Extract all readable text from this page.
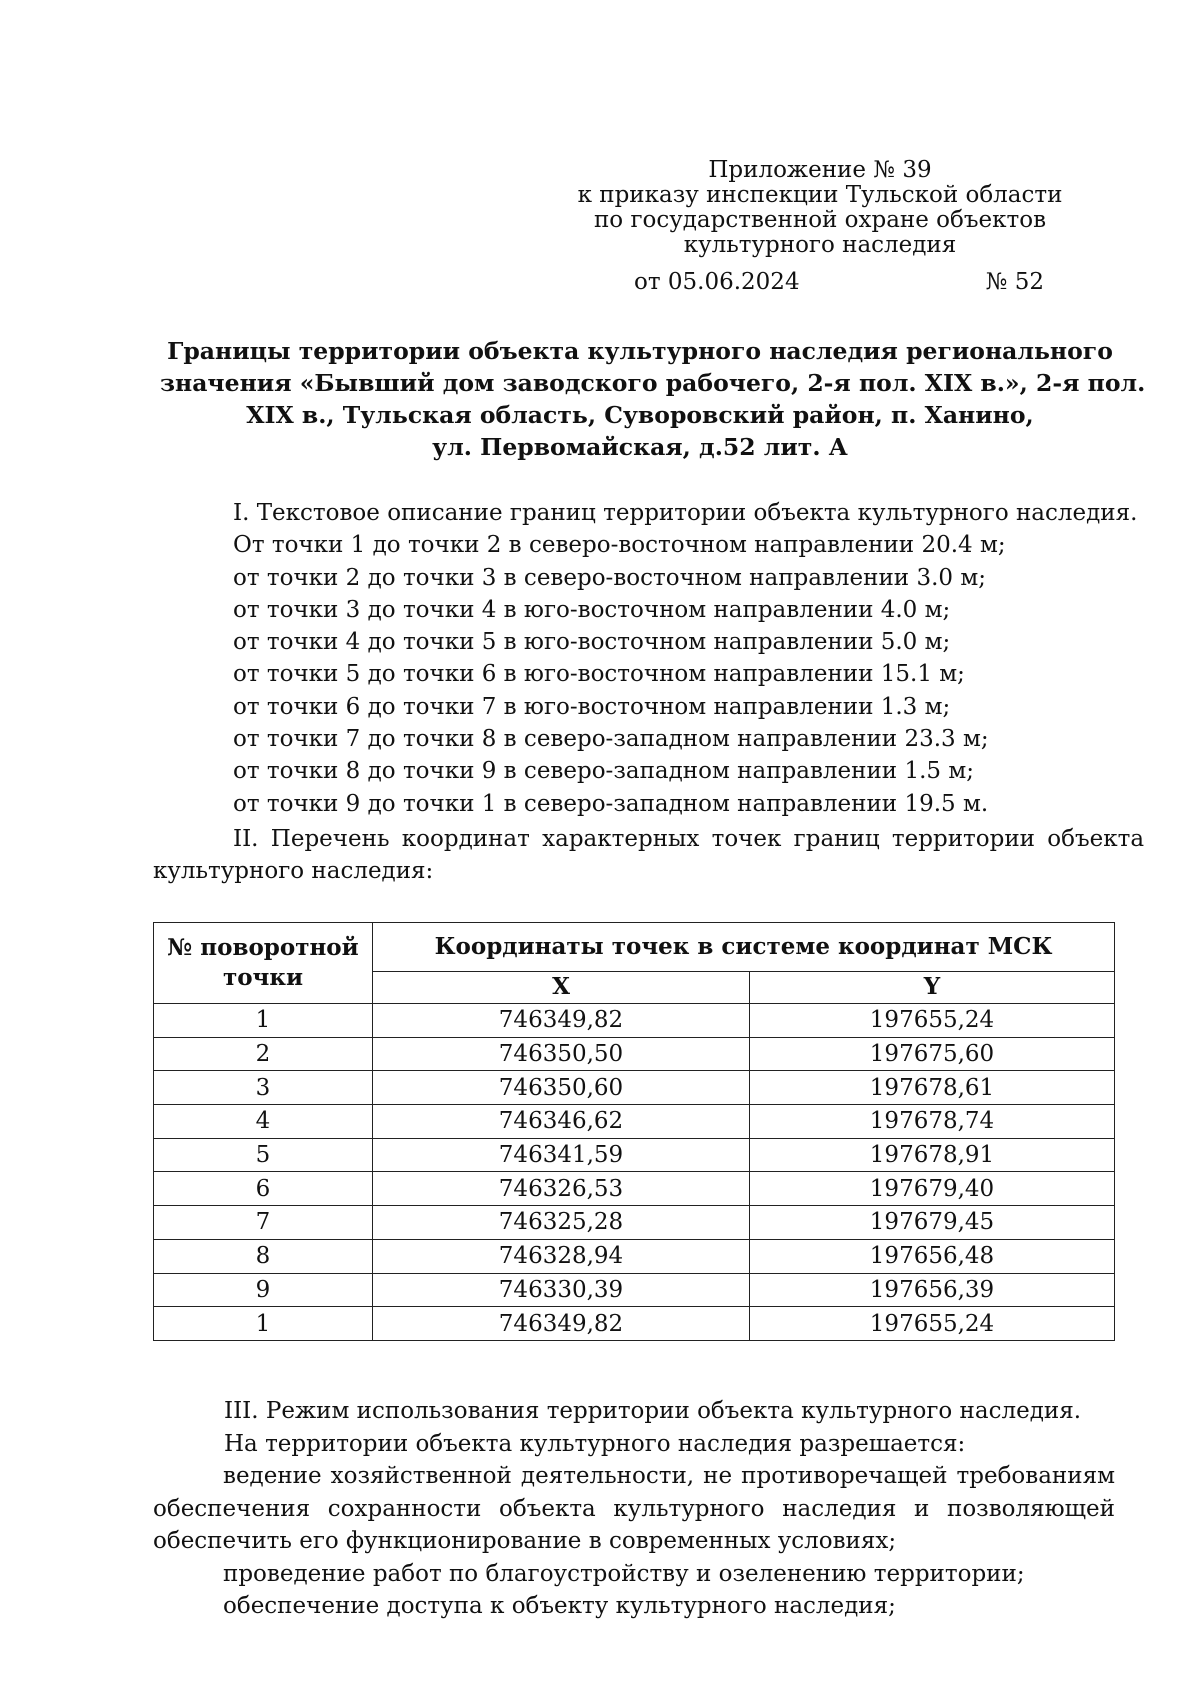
Приложение № 39
к приказу инспекции Тульской области
по государственной охране объектов
культурного наследия
от 05.06.2024	№ 52
Границы территории объекта культурного наследия регионального
значения «Бывший дом заводского рабочего, 2-я пол. XIX в.», 2-я пол.
XIX в., Тульская область, Суворовский район, п. Ханино,
ул. Первомайская, д.52 лит. А
I. Текстовое описание границ территории объекта культурного наследия.
От точки 1 до точки 2 в северо-восточном направлении 20.4 м;
от точки 2 до точки 3 в северо-восточном направлении 3.0 м;
от точки 3 до точки 4 в юго-восточном направлении 4.0 м;
от точки 4 до точки 5 в юго-восточном направлении 5.0 м;
от точки 5 до точки 6 в юго-восточном направлении 15.1 м;
от точки 6 до точки 7 в юго-восточном направлении 1.3 м;
от точки 7 до точки 8 в северо-западном направлении 23.3 м;
от точки 8 до точки 9 в северо-западном направлении 1.5 м;
от точки 9 до точки 1 в северо-западном направлении 19.5 м.
II. Перечень координат характерных точек границ территории объекта
культурного наследия:
№ поворотной точки	Координаты точек в системе координат МСК	
	X	Y
1	746349,82	197655,24
2	746350,50	197675,60
3	746350,60	197678,61
4	746346,62	197678,74
5	746341,59	197678,91
6	746326,53	197679,40
7	746325,28	197679,45
8	746328,94	197656,48
9	746330,39	197656,39
1	746349,82	197655,24
III. Режим использования территории объекта культурного наследия.
На территории объекта культурного наследия разрешается:
ведение хозяйственной деятельности, не противоречащей требованиям
обеспечения сохранности объекта культурного наследия и позволяющей
обеспечить его функционирование в современных условиях;
проведение работ по благоустройству и озеленению территории;
обеспечение доступа к объекту культурного наследия;
